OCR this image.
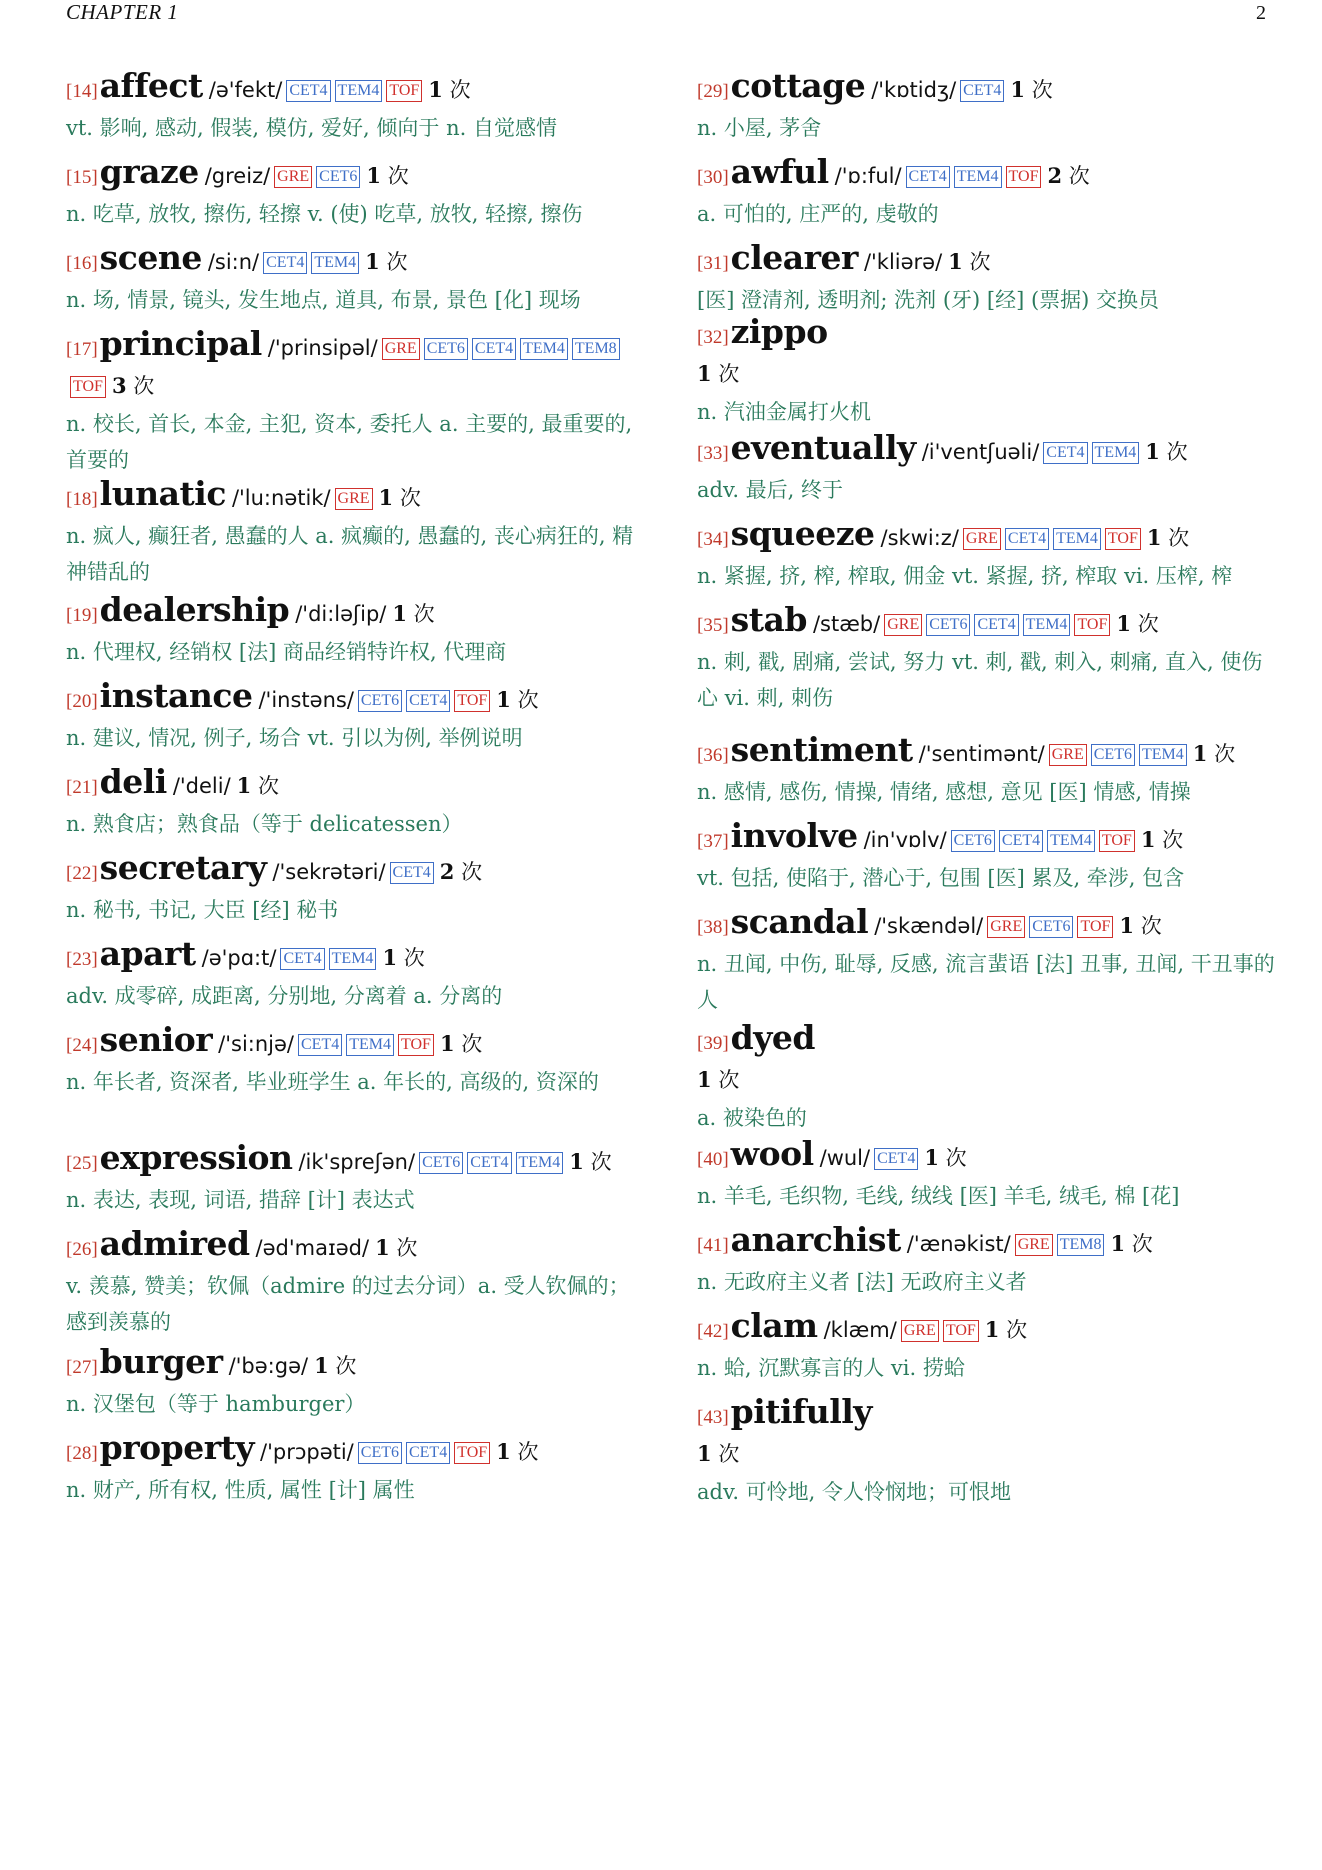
CHAPTER 1	2
[14]affect /ə'fekt/ CET4 TEM4 TOF 1 次
vt. 影响, 感动, 假装, 模仿, 爱好, 倾向于 n. 自觉感情
[15]graze /greiz/ GRE CET6 1 次
n. 吃草, 放牧, 擦伤, 轻擦 v. (使) 吃草, 放牧, 轻擦, 擦伤
[16]scene /si:n/ CET4 TEM4 1 次
n. 场, 情景, 镜头, 发生地点, 道具, 布景, 景色 [化] 现场
[17]principal /'prinsipəl/ GRE CET6 CET4 TEM4 TEM8TOF 3 次
n. 校长, 首长, 本金, 主犯, 资本, 委托人 a. 主要的, 最重要的, 首要的
[18]lunatic /'lu:nətik/ GRE 1 次
n. 疯人, 癫狂者, 愚蠢的人 a. 疯癫的, 愚蠢的, 丧心病狂的, 精神错乱的
[19]dealership /'di:ləʃip/ 1 次
n. 代理权, 经销权 [法] 商品经销特许权, 代理商
[20]instance /'instəns/ CET6 CET4 TOF 1 次
n. 建议, 情况, 例子, 场合 vt. 引以为例, 举例说明
[21]deli /'deli/ 1 次
n. 熟食店；熟食品（等于 delicatessen）
[22]secretary /'sekrətəri/ CET4 2 次
n. 秘书, 书记, 大臣 [经] 秘书
[23]apart /ə'pɑ:t/ CET4 TEM4 1 次
adv. 成零碎, 成距离, 分别地, 分离着 a. 分离的
[24]senior /'si:njə/ CET4 TEM4 TOF 1 次
n. 年长者, 资深者, 毕业班学生 a. 年长的, 高级的, 资深的
[25]expression /ik'spreʃən/ CET6 CET4 TEM4 1 次
n. 表达, 表现, 词语, 措辞 [计] 表达式
[26]admired /əd'maɪəd/ 1 次
v. 羡慕, 赞美；钦佩（admire 的过去分词）a. 受人钦佩的；感到羡慕的
[27]burger /'bə:gə/ 1 次
n. 汉堡包（等于 hamburger）
[28]property /'prɔpəti/ CET6 CET4 TOF 1 次
n. 财产, 所有权, 性质, 属性 [计] 属性
[29]cottage /'kɒtidʒ/ CET4 1 次
n. 小屋, 茅舍
[30]awful /'ɒ:ful/ CET4 TEM4 TOF 2 次
a. 可怕的, 庄严的, 虔敬的
[31]clearer /'kliərə/ 1 次
[医] 澄清剂, 透明剂; 洗剂 (牙) [经] (票据) 交换员
[32]zippo
1 次
n. 汽油金属打火机
[33]eventually /i'ventʃuəli/ CET4 TEM4 1 次
adv. 最后, 终于
[34]squeeze /skwi:z/ GRE CET4 TEM4 TOF 1 次
n. 紧握, 挤, 榨, 榨取, 佣金 vt. 紧握, 挤, 榨取 vi. 压榨, 榨
[35]stab /stæb/ GRE CET6 CET4 TEM4 TOF 1 次
n. 刺, 戳, 剧痛, 尝试, 努力 vt. 刺, 戳, 刺入, 刺痛, 直入, 使伤心 vi. 刺, 刺伤
[36]sentiment /'sentimənt/ GRE CET6 TEM4 1 次
n. 感情, 感伤, 情操, 情绪, 感想, 意见 [医] 情感, 情操
[37]involve /in'vɒlv/ CET6 CET4 TEM4 TOF 1 次
vt. 包括, 使陷于, 潜心于, 包围 [医] 累及, 牵涉, 包含
[38]scandal /'skændəl/ GRE CET6 TOF 1 次
n. 丑闻, 中伤, 耻辱, 反感, 流言蜚语 [法] 丑事, 丑闻, 干丑事的人
[39]dyed
1 次
a. 被染色的
[40]wool /wul/ CET4 1 次
n. 羊毛, 毛织物, 毛线, 绒线 [医] 羊毛, 绒毛, 棉 [花]
[41]anarchist /'ænəkist/ GRE TEM8 1 次
n. 无政府主义者 [法] 无政府主义者
[42]clam /klæm/ GRE TOF 1 次
n. 蛤, 沉默寡言的人 vi. 捞蛤
[43]pitifully
1 次
adv. 可怜地, 令人怜悯地；可恨地
